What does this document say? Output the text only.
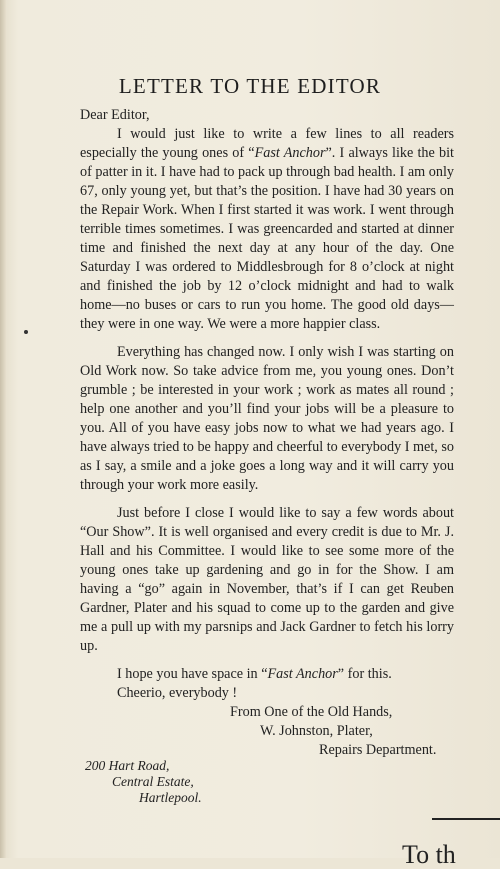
LETTER TO THE EDITOR

Dear Editor,

I would just like to write a few lines to all readers especially the young ones of “Fast Anchor”. I always like the bit of patter in it. I have had to pack up through bad health. I am only 67, only young yet, but that’s the position. I have had 30 years on the Repair Work. When I first started it was work. I went through terrible times sometimes. I was greencarded and started at dinner time and finished the next day at any hour of the day. One Saturday I was ordered to Middlesbrough for 8 o’clock at night and finished the job by 12 o’clock midnight and had to walk home—no buses or cars to run you home. The good old days—they were in one way. We were a more happier class.

Everything has changed now. I only wish I was starting on Old Work now. So take advice from me, you young ones. Don’t grumble ; be interested in your work ; work as mates all round ; help one another and you’ll find your jobs will be a pleasure to you. All of you have easy jobs now to what we had years ago. I have always tried to be happy and cheerful to everybody I met, so as I say, a smile and a joke goes a long way and it will carry you through your work more easily.

Just before I close I would like to say a few words about “Our Show”. It is well organised and every credit is due to Mr. J. Hall and his Committee. I would like to see some more of the young ones take up gardening and go in for the Show. I am having a “go” again in November, that’s if I can get Reuben Gardner, Plater and his squad to come up to the garden and give me a pull up with my parsnips and Jack Gardner to fetch his lorry up.

I hope you have space in “Fast Anchor” for this.

Cheerio, everybody !

From One of the Old Hands,

W. Johnston, Plater,

Repairs Department.

200 Hart Road,
Central Estate,
Hartlepool.
To th
